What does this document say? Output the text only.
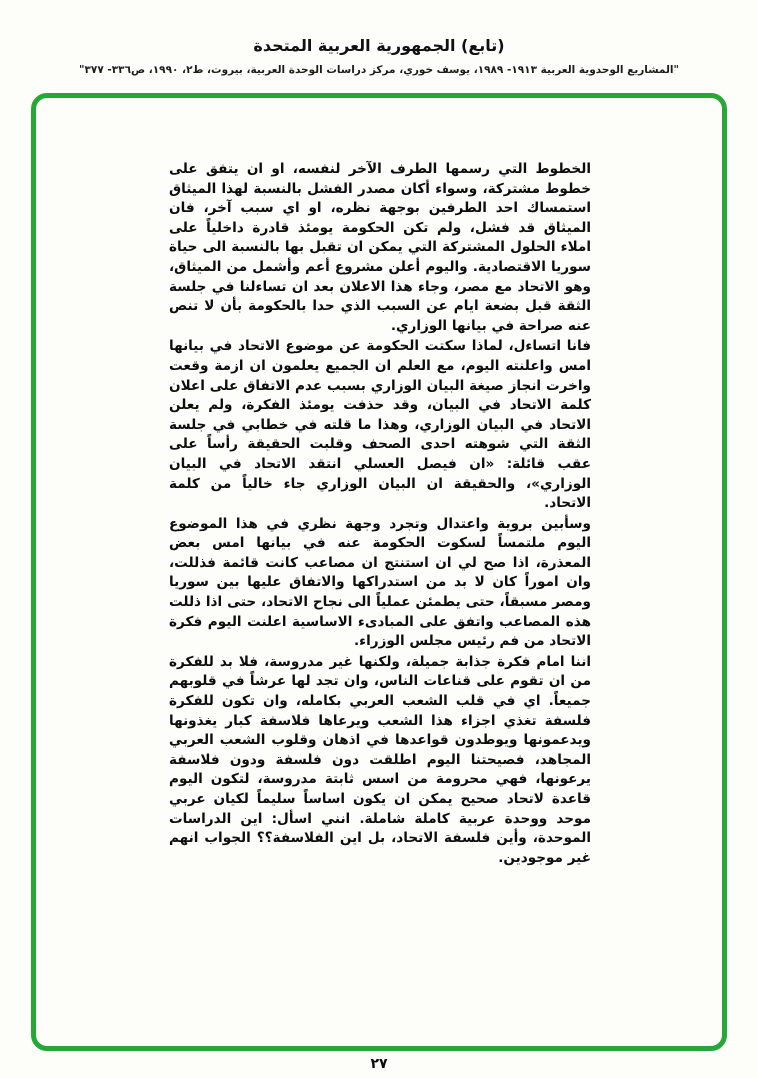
(تابع) الجمهورية العربية المتحدة
"المشاريع الوحدوية العربية ١٩١٣- ١٩٨٩، يوسف خوري، مركز دراسات الوحدة العربية، بيروت، ط٢، ١٩٩٠، ص٣٣٦- ٣٧٧"

الخطوط التي رسمها الطرف الآخر لنفسه، او ان يتفق على خطوط مشتركة، وسواء أكان مصدر الفشل بالنسبة لهذا الميثاق استمساك احد الطرفين بوجهة نظره، او اي سبب آخر، فان الميثاق قد فشل، ولم تكن الحكومة يومئذ قادرة داخلياً على املاء الحلول المشتركة التي يمكن ان تقبل بها بالنسبة الى حياة سوريا الاقتصادية. واليوم أعلن مشروع أعم وأشمل من الميثاق، وهو الاتحاد مع مصر، وجاء هذا الاعلان بعد ان تساءلنا في جلسة الثقة قبل بضعة ايام عن السبب الذي حدا بالحكومة بأن لا تنص عنه صراحة في بيانها الوزاري.

فانا اتساءل، لماذا سكتت الحكومة عن موضوع الاتحاد في بيانها امس واعلنته اليوم، مع العلم ان الجميع يعلمون ان ازمة وقعت واخرت انجاز صيغة البيان الوزاري بسبب عدم الاتفاق على اعلان كلمة الاتحاد في البيان، وقد حذفت يومئذ الفكرة، ولم يعلن الاتحاد في البيان الوزاري، وهذا ما قلته في خطابي في جلسة الثقة التي شوهته احدى الصحف وقلبت الحقيقة رأساً على عقب قائلة: «ان فيصل العسلي انتقد الاتحاد في البيان الوزاري»، والحقيقة ان البيان الوزاري جاء خالياً من كلمة الاتحاد.

وسأبين بروية واعتدال وتجرد وجهة نظري في هذا الموضوع اليوم ملتمساً لسكوت الحكومة عنه في بيانها امس بعض المعذرة، اذا صح لي ان استنتج ان مصاعب كانت قائمة فذللت، وان اموراً كان لا بد من استدراكها والاتفاق عليها بين سوريا ومصر مسبقاً، حتى يطمئن عملياً الى نجاح الاتحاد، حتى اذا ذللت هذه المصاعب واتفق على المبادىء الاساسية اعلنت اليوم فكرة الاتحاد من فم رئيس مجلس الوزراء.

اننا امام فكرة جذابة جميلة، ولكنها غير مدروسة، فلا بد للفكرة من ان تقوم على قناعات الناس، وان تجد لها عرشاً في قلوبهم جميعاً. اي في قلب الشعب العربي بكامله، وان تكون للفكرة فلسفة تغذي اجزاء هذا الشعب ويرعاها فلاسفة كبار يغذونها ويدعمونها ويوطدون قواعدها في اذهان وقلوب الشعب العربي المجاهد، فصيحتنا اليوم اطلقت دون فلسفة ودون فلاسفة يرعونها، فهي محرومة من اسس ثابتة مدروسة، لتكون اليوم قاعدة لاتحاد صحيح يمكن ان يكون اساساً سليماً لكيان عربي موحد ووحدة عربية كاملة شاملة. انني اسأل: اين الدراسات الموحدة، وأين فلسفة الاتحاد، بل اين الفلاسفة؟؟ الجواب انهم غير موجودين.

٢٧
